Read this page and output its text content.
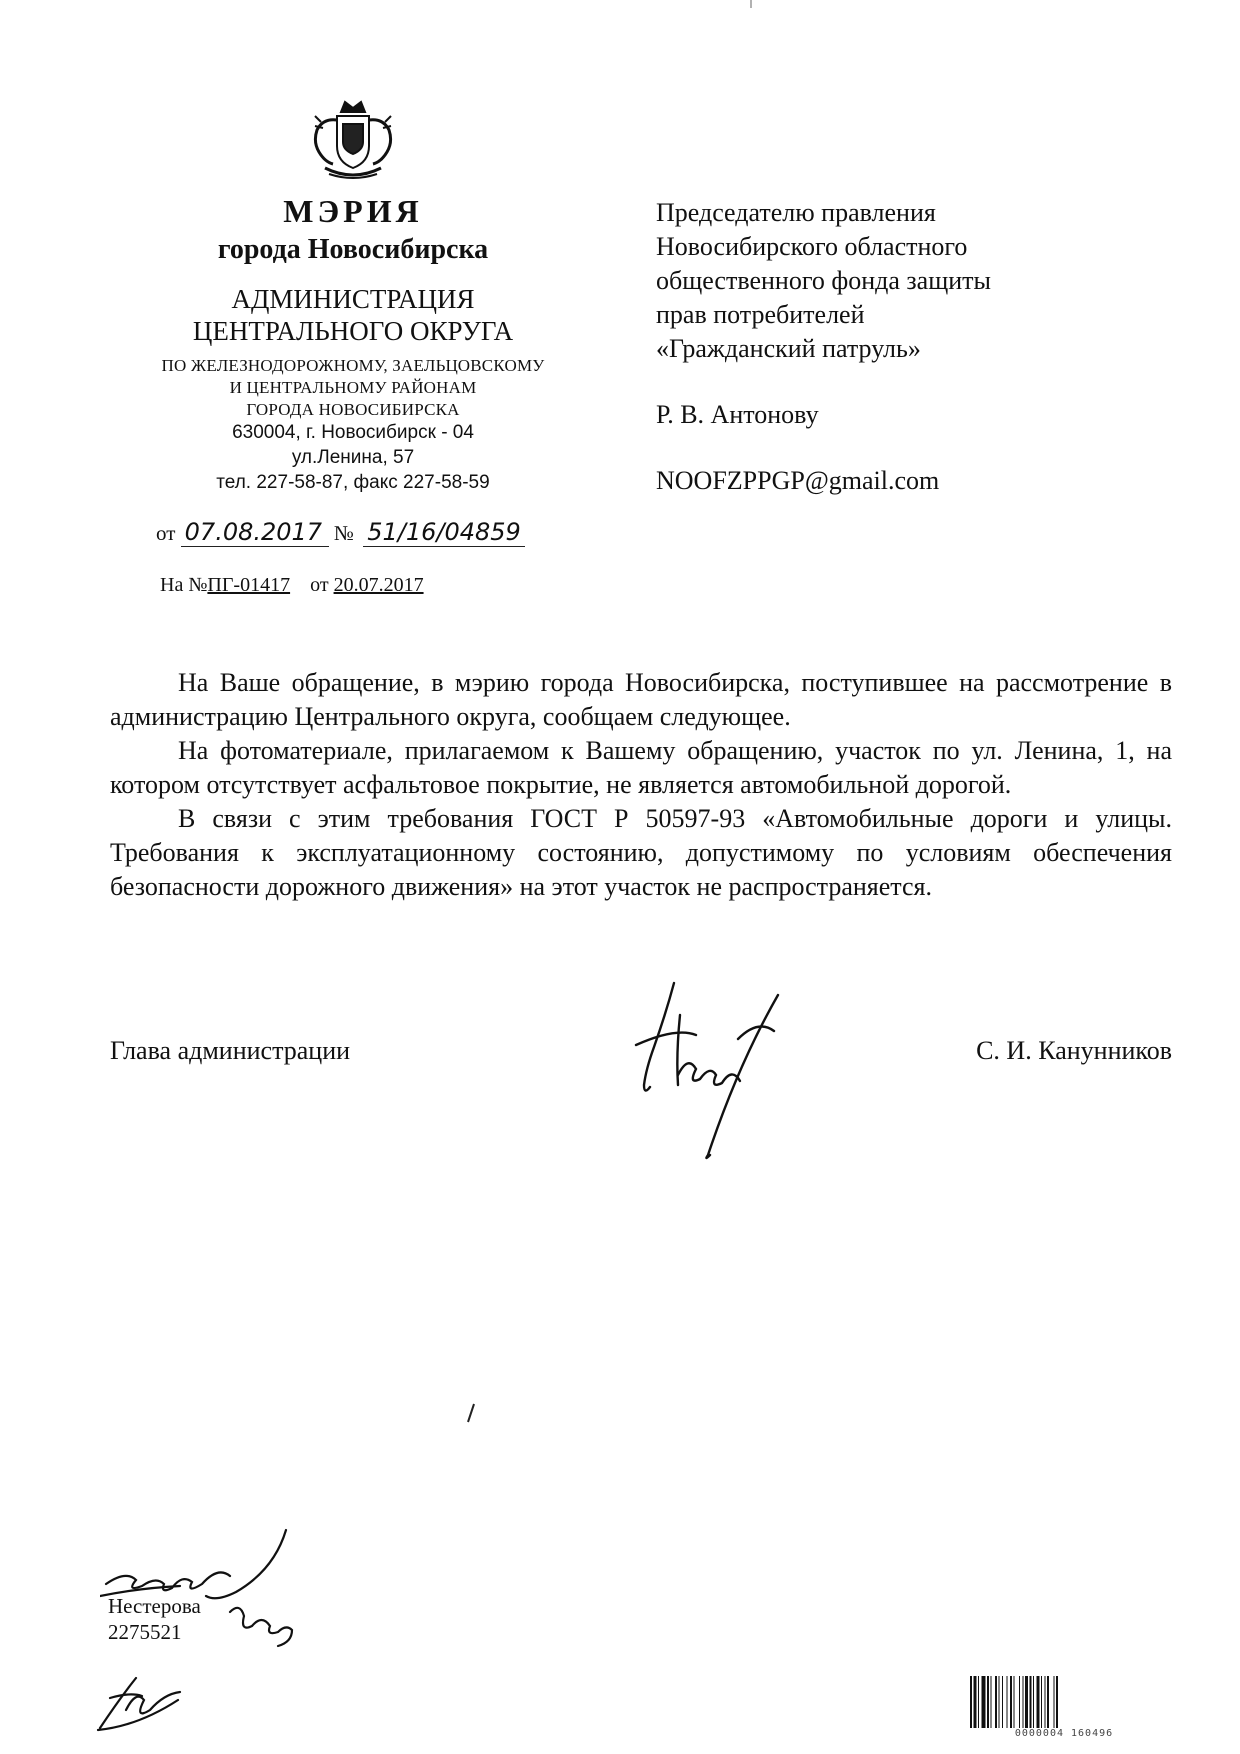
МЭРИЯ
города Новосибирска
АДМИНИСТРАЦИЯ
ЦЕНТРАЛЬНОГО ОКРУГА
ПО ЖЕЛЕЗНОДОРОЖНОМУ, ЗАЕЛЬЦОВСКОМУ
И ЦЕНТРАЛЬНОМУ РАЙОНАМ
ГОРОДА НОВОСИБИРСКА
630004, г. Новосибирск - 04
ул.Ленина, 57
тел. 227-58-87, факс 227-58-59
от 07.08.2017 № 51/16/04859
На №ПГ-01417 от 20.07.2017
Председателю правления
Новосибирского областного
общественного фонда защиты
прав потребителей
«Гражданский патруль»
Р. В. Антонову
NOOFZPPGP@gmail.com

На Ваше обращение, в мэрию города Новосибирска, поступившее на рассмотрение в администрацию Центрального округа, сообщаем следующее.

На фотоматериале, прилагаемом к Вашему обращению, участок по ул. Ленина, 1, на котором отсутствует асфальтовое покрытие, не является автомобильной дорогой.

В связи с этим требования ГОСТ Р 50597-93 «Автомобильные дороги и улицы. Требования к эксплуатационному состоянию, допустимому по условиям обеспечения безопасности дорожного движения» на этот участок не распространяется.

Глава администрации	С. И. Канунников
Нестерова
2275521
0000004 160496
